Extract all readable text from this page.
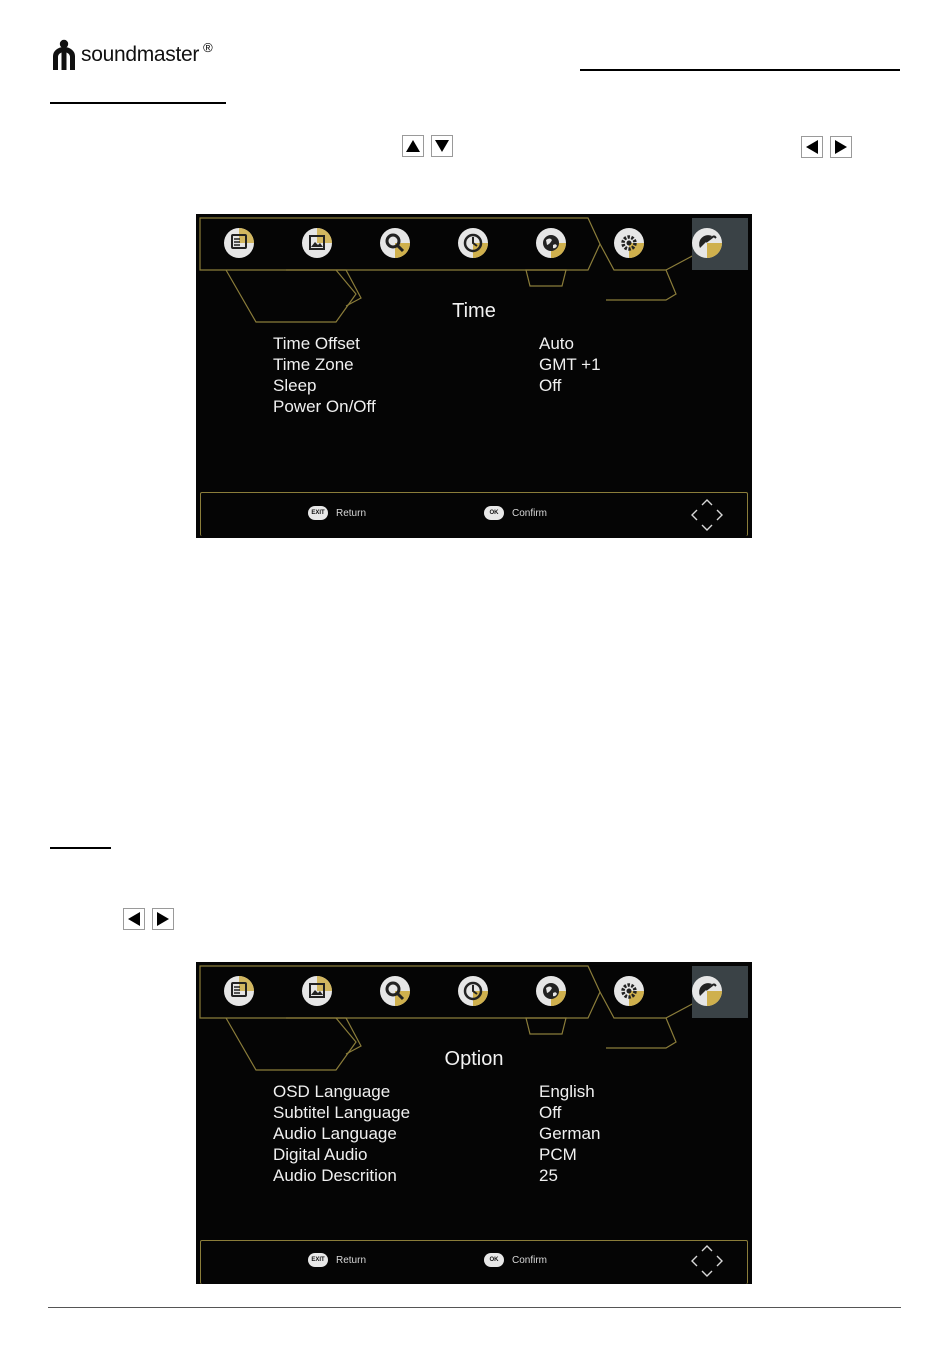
soundmaster ®
Time
Time Offset	Auto
Time Zone	GMT +1
Sleep	Off
Power On/Off
EXIT	Return	OK	Confirm
Option
OSD Language	English
Subtitel Language	Off
Audio Language	German
Digital Audio	PCM
Audio Descrition	25
EXIT	Return	OK	Confirm
